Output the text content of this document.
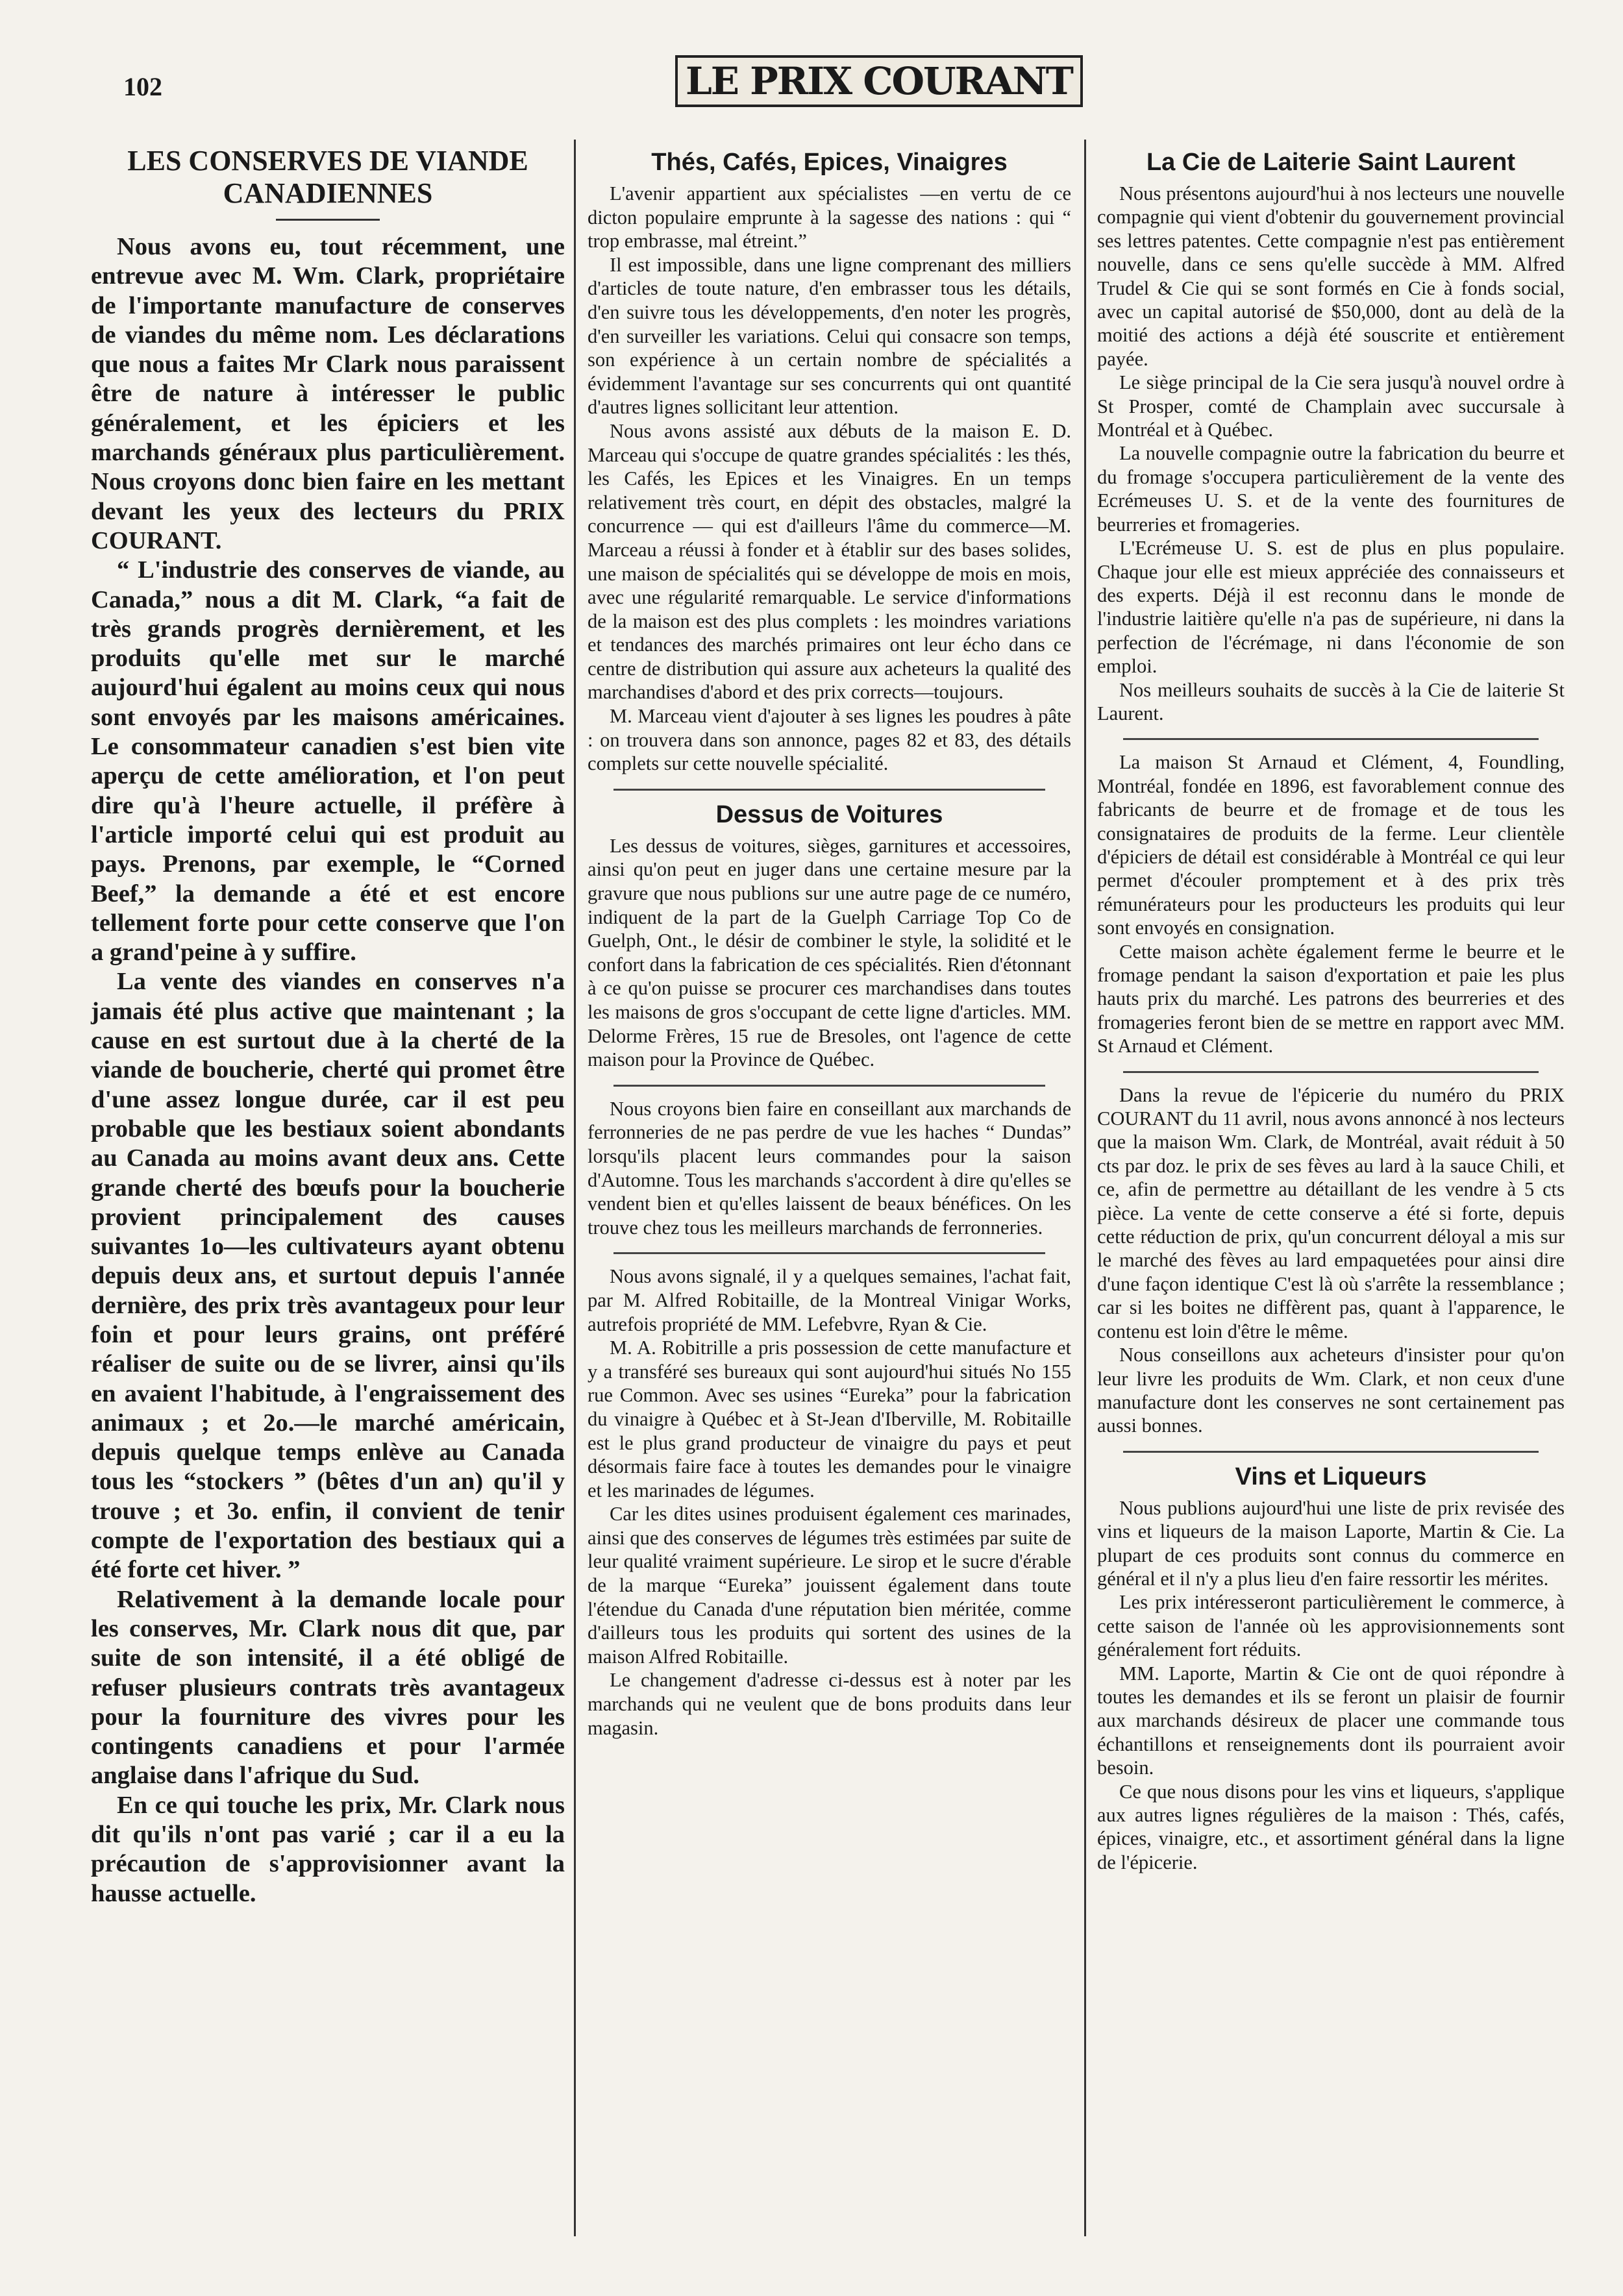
102	LE PRIX COURANT
LES CONSERVES DE VIANDE CANADIENNES

Nous avons eu, tout récemment, une entrevue avec M. Wm. Clark, propriétaire de l'importante manufacture de conserves de viandes du même nom. Les déclarations que nous a faites Mr Clark nous paraissent être de nature à intéresser le public généralement, et les épiciers et les marchands généraux plus particulièrement. Nous croyons donc bien faire en les mettant devant les yeux des lecteurs du PRIX COURANT.

“ L'industrie des conserves de viande, au Canada,” nous a dit M. Clark, “a fait de très grands progrès dernièrement, et les produits qu'elle met sur le marché aujourd'hui égalent au moins ceux qui nous sont envoyés par les maisons américaines. Le consommateur canadien s'est bien vite aperçu de cette amélioration, et l'on peut dire qu'à l'heure actuelle, il préfère à l'article importé celui qui est produit au pays. Prenons, par exemple, le “Corned Beef,” la demande a été et est encore tellement forte pour cette conserve que l'on a grand'peine à y suffire.

La vente des viandes en conserves n'a jamais été plus active que maintenant ; la cause en est surtout due à la cherté de la viande de boucherie, cherté qui promet être d'une assez longue durée, car il est peu probable que les bestiaux soient abondants au Canada au moins avant deux ans. Cette grande cherté des bœufs pour la boucherie provient principalement des causes suivantes 1o—les cultivateurs ayant obtenu depuis deux ans, et surtout depuis l'année dernière, des prix très avantageux pour leur foin et pour leurs grains, ont préféré réaliser de suite ou de se livrer, ainsi qu'ils en avaient l'habitude, à l'engraissement des animaux ; et 2o.—le marché américain, depuis quelque temps enlève au Canada tous les “stockers ” (bêtes d'un an) qu'il y trouve ; et 3o. enfin, il convient de tenir compte de l'exportation des bestiaux qui a été forte cet hiver. ”

Relativement à la demande locale pour les conserves, Mr. Clark nous dit que, par suite de son intensité, il a été obligé de refuser plusieurs contrats très avantageux pour la fourniture des vivres pour les contingents canadiens et pour l'armée anglaise dans l'afrique du Sud.

En ce qui touche les prix, Mr. Clark nous dit qu'ils n'ont pas varié ; car il a eu la précaution de s'approvisionner avant la hausse actuelle.

Thés, Cafés, Epices, Vinaigres

L'avenir appartient aux spécialistes —en vertu de ce dicton populaire emprunte à la sagesse des nations : qui “ trop embrasse, mal étreint.”

Il est impossible, dans une ligne comprenant des milliers d'articles de toute nature, d'en embrasser tous les détails, d'en suivre tous les développements, d'en noter les progrès, d'en surveiller les variations. Celui qui consacre son temps, son expérience à un certain nombre de spécialités a évidemment l'avantage sur ses concurrents qui ont quantité d'autres lignes sollicitant leur attention.

Nous avons assisté aux débuts de la maison E. D. Marceau qui s'occupe de quatre grandes spécialités : les thés, les Cafés, les Epices et les Vinaigres. En un temps relativement très court, en dépit des obstacles, malgré la concurrence — qui est d'ailleurs l'âme du commerce—M. Marceau a réussi à fonder et à établir sur des bases solides, une maison de spécialités qui se développe de mois en mois, avec une régularité remarquable. Le service d'informations de la maison est des plus complets : les moindres variations et tendances des marchés primaires ont leur écho dans ce centre de distribution qui assure aux acheteurs la qualité des marchandises d'abord et des prix corrects—toujours.

M. Marceau vient d'ajouter à ses lignes les poudres à pâte : on trouvera dans son annonce, pages 82 et 83, des détails complets sur cette nouvelle spécialité.

Dessus de Voitures

Les dessus de voitures, sièges, garnitures et accessoires, ainsi qu'on peut en juger dans une certaine mesure par la gravure que nous publions sur une autre page de ce numéro, indiquent de la part de la Guelph Carriage Top Co de Guelph, Ont., le désir de combiner le style, la solidité et le confort dans la fabrication de ces spécialités. Rien d'étonnant à ce qu'on puisse se procurer ces marchandises dans toutes les maisons de gros s'occupant de cette ligne d'articles. MM. Delorme Frères, 15 rue de Bresoles, ont l'agence de cette maison pour la Province de Québec.

Nous croyons bien faire en conseillant aux marchands de ferronneries de ne pas perdre de vue les haches “ Dundas” lorsqu'ils placent leurs commandes pour la saison d'Automne. Tous les marchands s'accordent à dire qu'elles se vendent bien et qu'elles laissent de beaux bénéfices. On les trouve chez tous les meilleurs marchands de ferronneries.

Nous avons signalé, il y a quelques semaines, l'achat fait, par M. Alfred Robitaille, de la Montreal Vinigar Works, autrefois propriété de MM. Lefebvre, Ryan & Cie.

M. A. Robitrille a pris possession de cette manufacture et y a transféré ses bureaux qui sont aujourd'hui situés No 155 rue Common. Avec ses usines “Eureka” pour la fabrication du vinaigre à Québec et à St-Jean d'Iberville, M. Robitaille est le plus grand producteur de vinaigre du pays et peut désormais faire face à toutes les demandes pour le vinaigre et les marinades de légumes.

Car les dites usines produisent également ces marinades, ainsi que des conserves de légumes très estimées par suite de leur qualité vraiment supérieure. Le sirop et le sucre d'érable de la marque “Eureka” jouissent également dans toute l'étendue du Canada d'une réputation bien méritée, comme d'ailleurs tous les produits qui sortent des usines de la maison Alfred Robitaille.

Le changement d'adresse ci-dessus est à noter par les marchands qui ne veulent que de bons produits dans leur magasin.

La Cie de Laiterie Saint Laurent

Nous présentons aujourd'hui à nos lecteurs une nouvelle compagnie qui vient d'obtenir du gouvernement provincial ses lettres patentes. Cette compagnie n'est pas entièrement nouvelle, dans ce sens qu'elle succède à MM. Alfred Trudel & Cie qui se sont formés en Cie à fonds social, avec un capital autorisé de $50,000, dont au delà de la moitié des actions a déjà été souscrite et entièrement payée.

Le siège principal de la Cie sera jusqu'à nouvel ordre à St Prosper, comté de Champlain avec succursale à Montréal et à Québec.

La nouvelle compagnie outre la fabrication du beurre et du fromage s'occupera particulièrement de la vente des Ecrémeuses U. S. et de la vente des fournitures de beurreries et fromageries.

L'Ecrémeuse U. S. est de plus en plus populaire. Chaque jour elle est mieux appréciée des connaisseurs et des experts. Déjà il est reconnu dans le monde de l'industrie laitière qu'elle n'a pas de supérieure, ni dans la perfection de l'écrémage, ni dans l'économie de son emploi.

Nos meilleurs souhaits de succès à la Cie de laiterie St Laurent.

La maison St Arnaud et Clément, 4, Foundling, Montréal, fondée en 1896, est favorablement connue des fabricants de beurre et de fromage et de tous les consignataires de produits de la ferme. Leur clientèle d'épiciers de détail est considérable à Montréal ce qui leur permet d'écouler promptement et à des prix très rémunérateurs pour les producteurs les produits qui leur sont envoyés en consignation.

Cette maison achète également ferme le beurre et le fromage pendant la saison d'exportation et paie les plus hauts prix du marché. Les patrons des beurreries et des fromageries feront bien de se mettre en rapport avec MM. St Arnaud et Clément.

Dans la revue de l'épicerie du numéro du PRIX COURANT du 11 avril, nous avons annoncé à nos lecteurs que la maison Wm. Clark, de Montréal, avait réduit à 50 cts par doz. le prix de ses fèves au lard à la sauce Chili, et ce, afin de permettre au détaillant de les vendre à 5 cts pièce. La vente de cette conserve a été si forte, depuis cette réduction de prix, qu'un concurrent déloyal a mis sur le marché des fèves au lard empaquetées pour ainsi dire d'une façon identique C'est là où s'arrête la ressemblance ; car si les boites ne diffèrent pas, quant à l'apparence, le contenu est loin d'être le même.

Nous conseillons aux acheteurs d'insister pour qu'on leur livre les produits de Wm. Clark, et non ceux d'une manufacture dont les conserves ne sont certainement pas aussi bonnes.

Vins et Liqueurs

Nous publions aujourd'hui une liste de prix revisée des vins et liqueurs de la maison Laporte, Martin & Cie. La plupart de ces produits sont connus du commerce en général et il n'y a plus lieu d'en faire ressortir les mérites.

Les prix intéresseront particulièrement le commerce, à cette saison de l'année où les approvisionnements sont généralement fort réduits.

MM. Laporte, Martin & Cie ont de quoi répondre à toutes les demandes et ils se feront un plaisir de fournir aux marchands désireux de placer une commande tous échantillons et renseignements dont ils pourraient avoir besoin.

Ce que nous disons pour les vins et liqueurs, s'applique aux autres lignes régulières de la maison : Thés, cafés, épices, vinaigre, etc., et assortiment général dans la ligne de l'épicerie.
